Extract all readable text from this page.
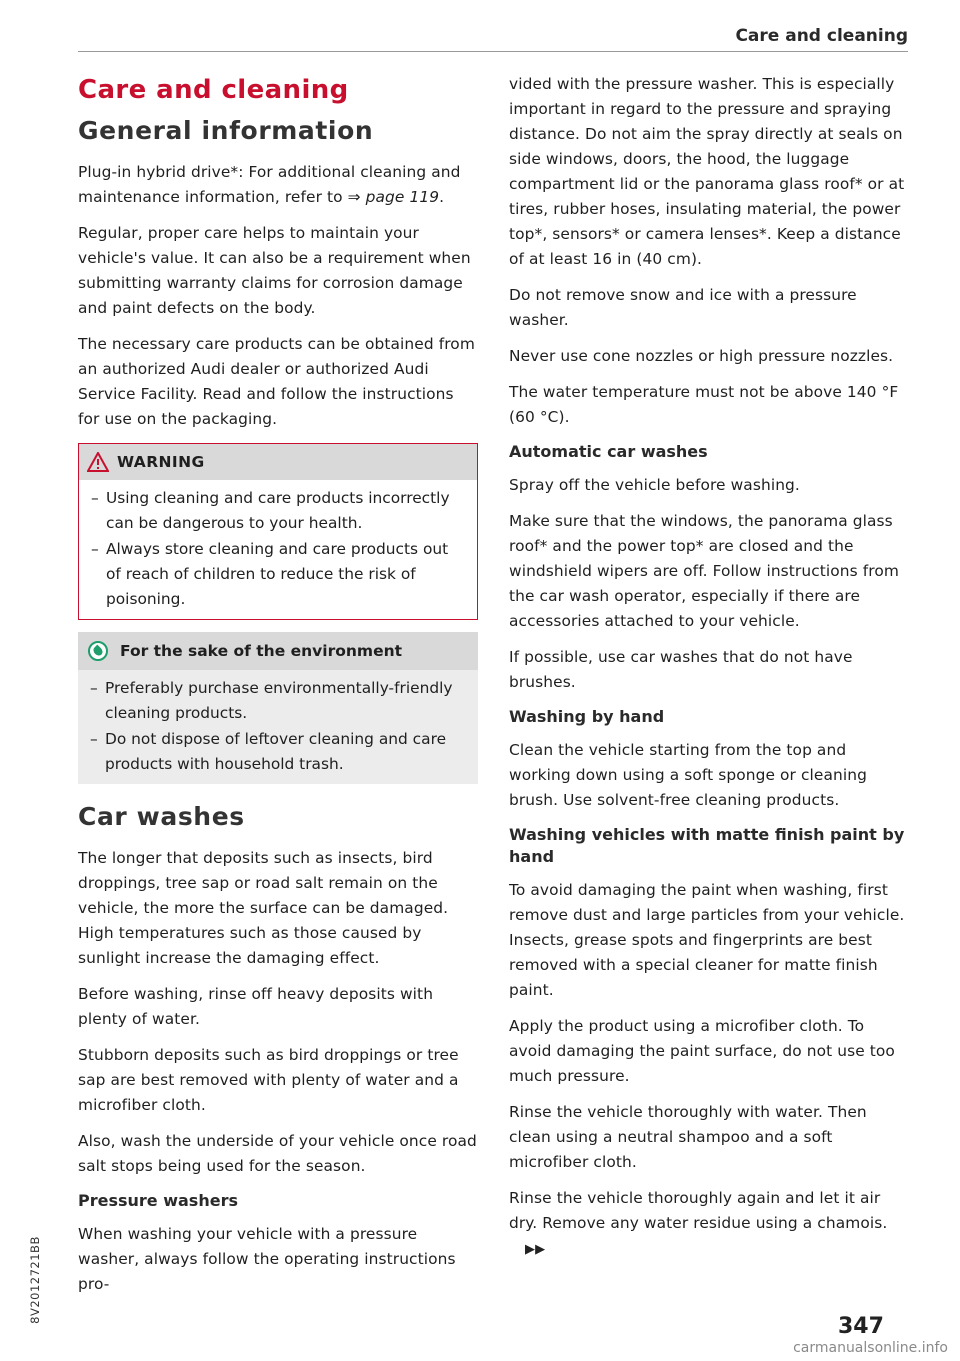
Care and cleaning
Care and cleaning
General information

Plug-in hybrid drive*: For additional cleaning and
maintenance information, refer to ⇒ page 119.

Regular, proper care helps to maintain your vehicle's value. It can also be a requirement when submitting warranty claims for corrosion damage and paint defects on the body.

The necessary care products can be obtained from an authorized Audi dealer or authorized Audi Service Facility. Read and follow the instructions for use on the packaging.

WARNING
– Using cleaning and care products incorrectly can be dangerous to your health.
– Always store cleaning and care products out of reach of children to reduce the risk of poisoning.
For the sake of the environment
– Preferably purchase environmentally-friendly cleaning products.
– Do not dispose of leftover cleaning and care products with household trash.
Car washes

The longer that deposits such as insects, bird droppings, tree sap or road salt remain on the vehicle, the more the surface can be damaged. High temperatures such as those caused by sunlight increase the damaging effect.

Before washing, rinse off heavy deposits with plenty of water.

Stubborn deposits such as bird droppings or tree sap are best removed with plenty of water and a microfiber cloth.

Also, wash the underside of your vehicle once road salt stops being used for the season.

Pressure washers

When washing your vehicle with a pressure washer, always follow the operating instructions pro-

vided with the pressure washer. This is especially important in regard to the pressure and spraying distance. Do not aim the spray directly at seals on side windows, doors, the hood, the luggage compartment lid or the panorama glass roof* or at tires, rubber hoses, insulating material, the power top*, sensors* or camera lenses*. Keep a distance of at least 16 in (40 cm).

Do not remove snow and ice with a pressure washer.

Never use cone nozzles or high pressure nozzles.

The water temperature must not be above 140 °F (60 °C).

Automatic car washes

Spray off the vehicle before washing.

Make sure that the windows, the panorama glass roof* and the power top* are closed and the windshield wipers are off. Follow instructions from the car wash operator, especially if there are accessories attached to your vehicle.

If possible, use car washes that do not have brushes.

Washing by hand

Clean the vehicle starting from the top and working down using a soft sponge or cleaning brush. Use solvent-free cleaning products.

Washing vehicles with matte finish paint by hand

To avoid damaging the paint when washing, first remove dust and large particles from your vehicle. Insects, grease spots and fingerprints are best removed with a special cleaner for matte finish paint.

Apply the product using a microfiber cloth. To avoid damaging the paint surface, do not use too much pressure.

Rinse the vehicle thoroughly with water. Then clean using a neutral shampoo and a soft microfiber cloth.

Rinse the vehicle thoroughly again and let it air dry. Remove any water residue using a chamois. ▶▶

347
8V2012721BB
carmanualsonline.info
